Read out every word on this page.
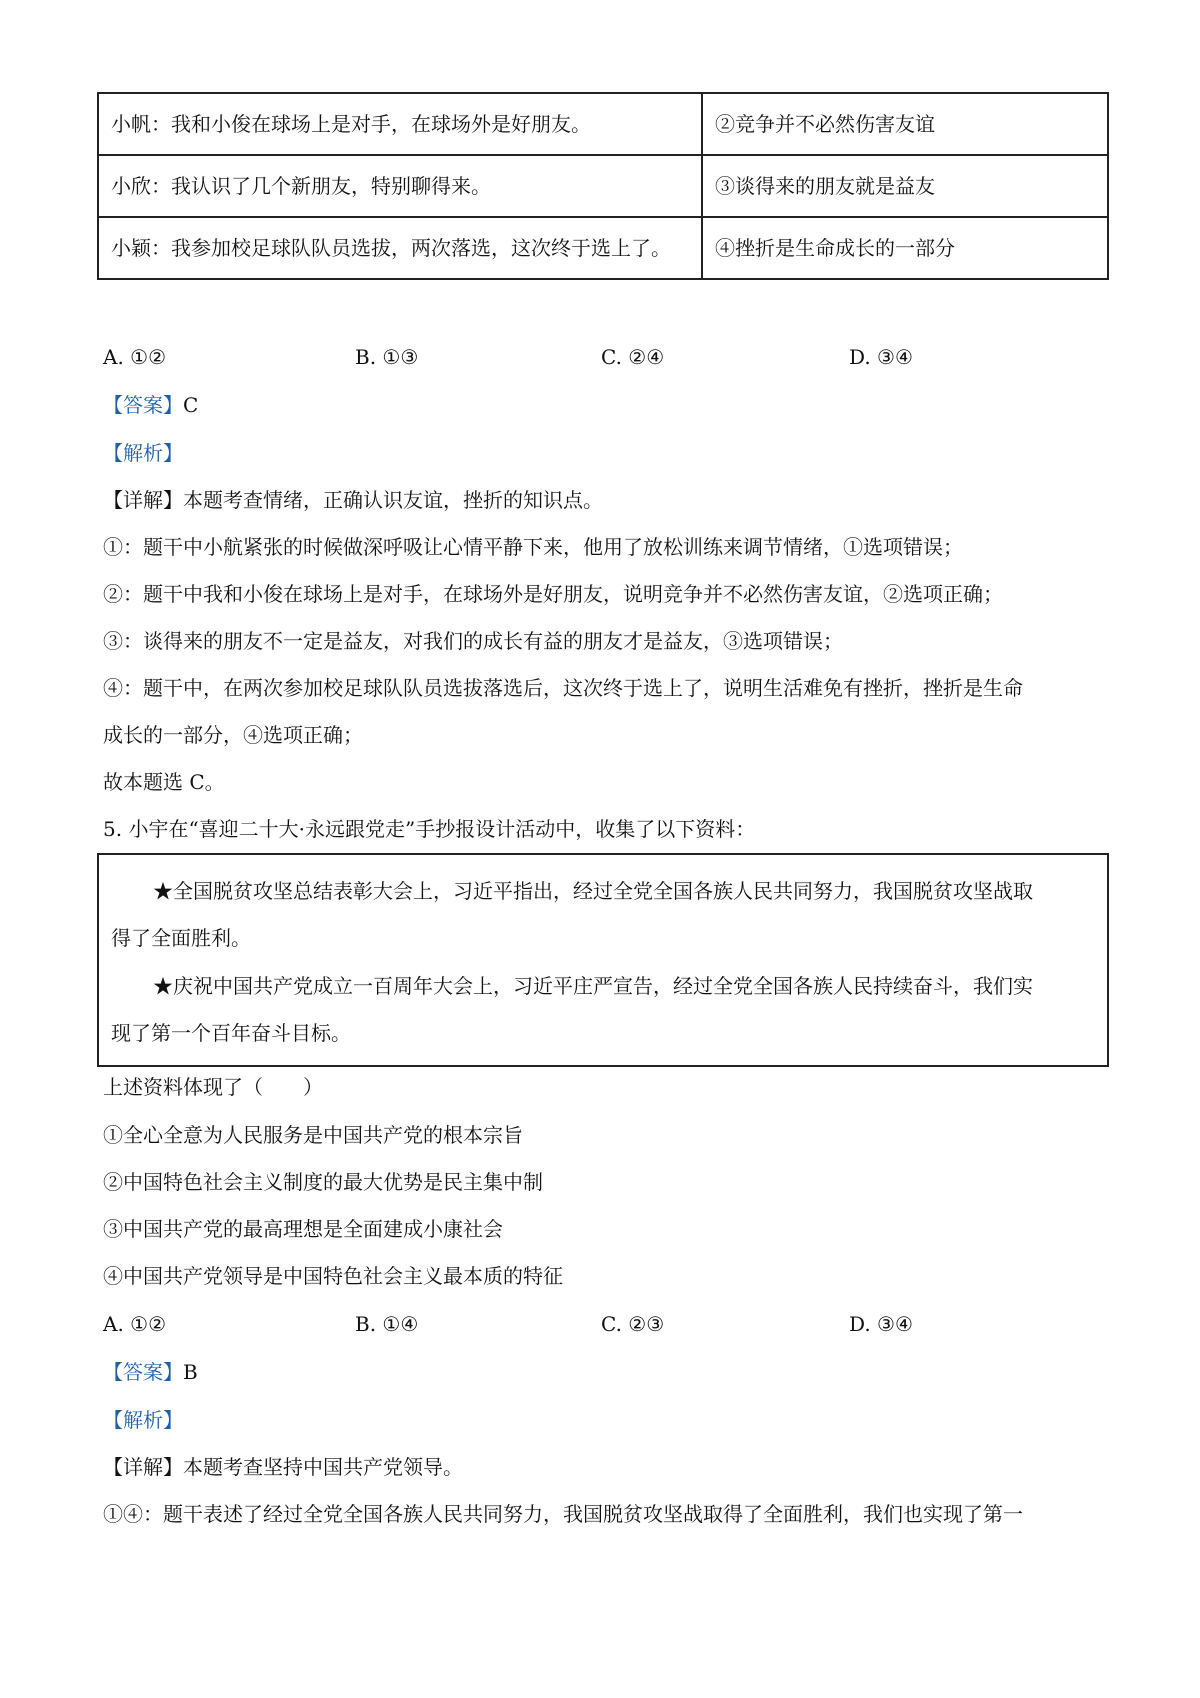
小帆：我和小俊在球场上是对手，在球场外是好朋友。	②竞争并不必然伤害友谊
小欣：我认识了几个新朋友，特别聊得来。	③谈得来的朋友就是益友
小颖：我参加校足球队队员选拔，两次落选，这次终于选上了。	④挫折是生命成长的一部分
A. ①②	B. ①③	C. ②④	D. ③④
【答案】C
【解析】
【详解】本题考查情绪，正确认识友谊，挫折的知识点。
①：题干中小航紧张的时候做深呼吸让心情平静下来，他用了放松训练来调节情绪，①选项错误；
②：题干中我和小俊在球场上是对手，在球场外是好朋友，说明竞争并不必然伤害友谊，②选项正确；
③：谈得来的朋友不一定是益友，对我们的成长有益的朋友才是益友，③选项错误；
④：题干中，在两次参加校足球队队员选拔落选后，这次终于选上了，说明生活难免有挫折，挫折是生命
成长的一部分，④选项正确；
故本题选 C。
5. 小宇在“喜迎二十大·永远跟党走”手抄报设计活动中，收集了以下资料：

★全国脱贫攻坚总结表彰大会上，习近平指出，经过全党全国各族人民共同努力，我国脱贫攻坚战取

得了全面胜利。

★庆祝中国共产党成立一百周年大会上，习近平庄严宣告，经过全党全国各族人民持续奋斗，我们实

现了第一个百年奋斗目标。

上述资料体现了（　　）
①全心全意为人民服务是中国共产党的根本宗旨
②中国特色社会主义制度的最大优势是民主集中制
③中国共产党的最高理想是全面建成小康社会
④中国共产党领导是中国特色社会主义最本质的特征
A. ①②	B. ①④	C. ②③	D. ③④
【答案】B
【解析】
【详解】本题考查坚持中国共产党领导。
①④：题干表述了经过全党全国各族人民共同努力，我国脱贫攻坚战取得了全面胜利，我们也实现了第一
